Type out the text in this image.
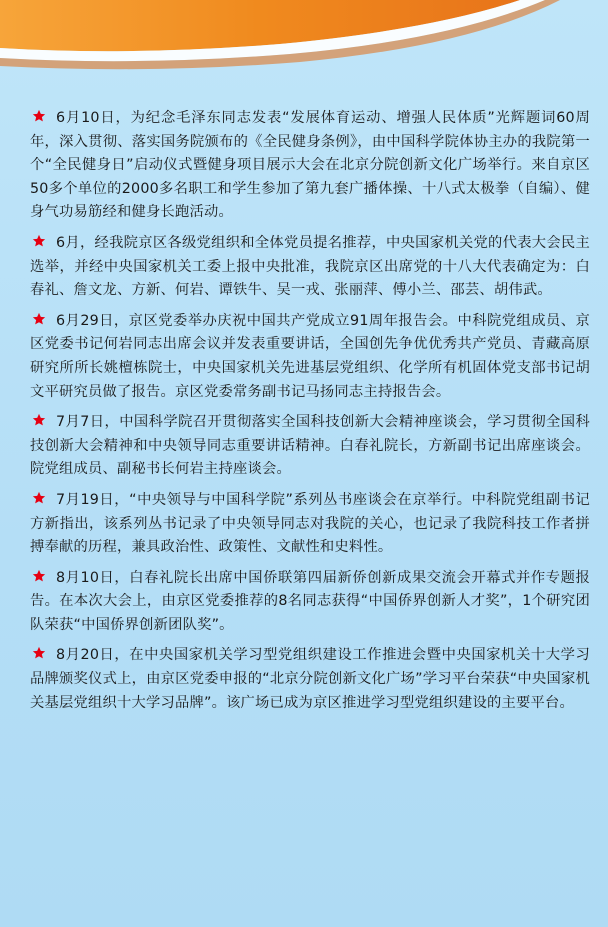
6月10日，为纪念毛泽东同志发表“发展体育运动、增强人民体质”光辉题词60周年，深入贯彻、落实国务院颁布的《全民健身条例》，由中国科学院体协主办的我院第一个“全民健身日”启动仪式暨健身项目展示大会在北京分院创新文化广场举行。来自京区50多个单位的2000多名职工和学生参加了第九套广播体操、十八式太极拳（自编）、健身气功易筋经和健身长跑活动。

6月，经我院京区各级党组织和全体党员提名推荐，中央国家机关党的代表大会民主选举，并经中央国家机关工委上报中央批准，我院京区出席党的十八大代表确定为：白春礼、詹文龙、方新、何岩、谭铁牛、吴一戎、张丽萍、傅小兰、邵芸、胡伟武。

6月29日，京区党委举办庆祝中国共产党成立91周年报告会。中科院党组成员、京区党委书记何岩同志出席会议并发表重要讲话，全国创先争优优秀共产党员、青藏高原研究所所长姚檀栋院士，中央国家机关先进基层党组织、化学所有机固体党支部书记胡文平研究员做了报告。京区党委常务副书记马扬同志主持报告会。

7月7日，中国科学院召开贯彻落实全国科技创新大会精神座谈会，学习贯彻全国科技创新大会精神和中央领导同志重要讲话精神。白春礼院长，方新副书记出席座谈会。院党组成员、副秘书长何岩主持座谈会。

7月19日，“中央领导与中国科学院”系列丛书座谈会在京举行。中科院党组副书记方新指出，该系列丛书记录了中央领导同志对我院的关心，也记录了我院科技工作者拼搏奉献的历程，兼具政治性、政策性、文献性和史料性。

8月10日，白春礼院长出席中国侨联第四届新侨创新成果交流会开幕式并作专题报告。在本次大会上，由京区党委推荐的8名同志获得“中国侨界创新人才奖”，1个研究团队荣获“中国侨界创新团队奖”。

8月20日，在中央国家机关学习型党组织建设工作推进会暨中央国家机关十大学习品牌颁奖仪式上，由京区党委申报的“北京分院创新文化广场”学习平台荣获“中央国家机关基层党组织十大学习品牌”。该广场已成为京区推进学习型党组织建设的主要平台。
